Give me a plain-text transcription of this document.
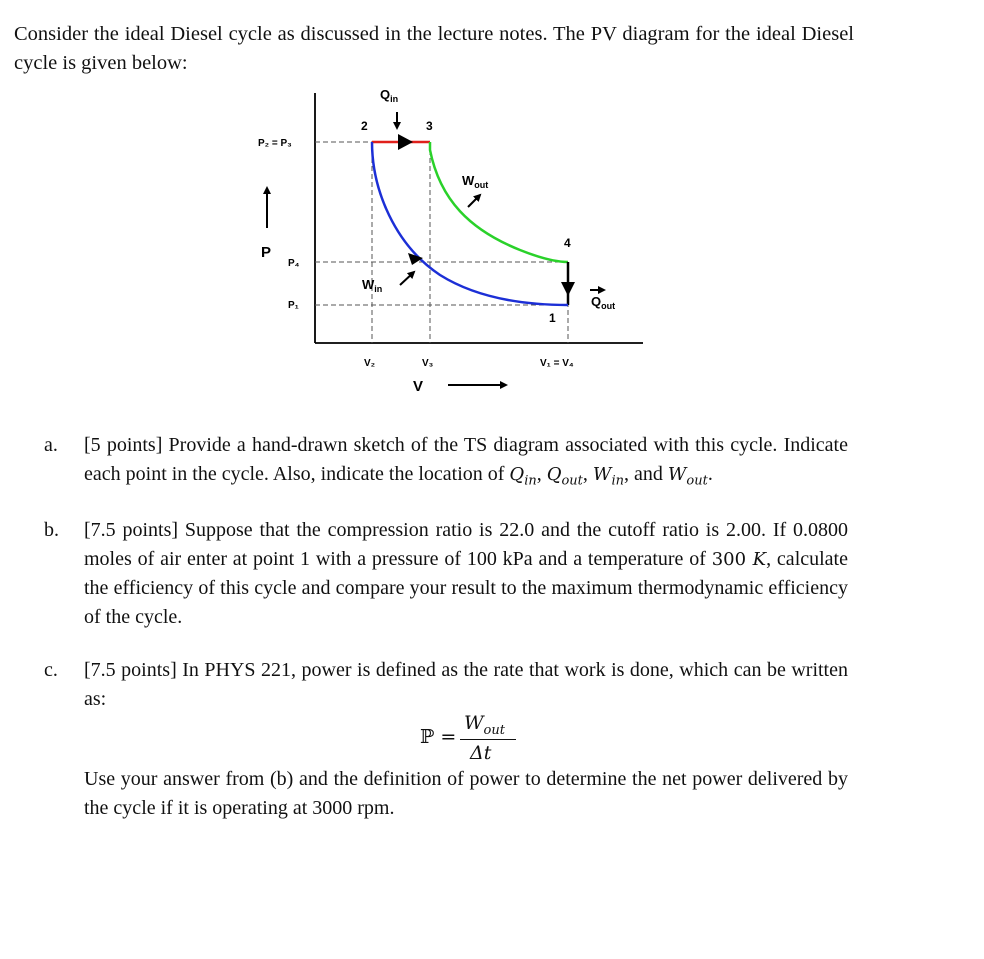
Consider the ideal Diesel cycle as discussed in the lecture notes. The PV diagram for the ideal Diesel cycle is given below:
$Q_{in}$
2	3
$W_{out}$
4
$W_{in}$
$Q_{out}$
1
P₂ = P₃
P₄
P₁
P
V₂	V₃	V₁ = V₄
V
a. [5 points] Provide a hand-drawn sketch of the TS diagram associated with this cycle. Indicate each point in the cycle. Also, indicate the location of $Q_{in}$, $Q_{out}$, $W_{in}$, and $W_{out}$.
b. [7.5 points] Suppose that the compression ratio is 22.0 and the cutoff ratio is 2.00. If 0.0800 moles of air enter at point 1 with a pressure of 100 kPa and a temperature of 300 K, calculate the efficiency of this cycle and compare your result to the maximum thermodynamic efficiency of the cycle.
c. [7.5 points] In PHYS 221, power is defined as the rate that work is done, which can be written as:
ℙ =
$W_{out}$
Δt
Use your answer from (b) and the definition of power to determine the net power delivered by the cycle if it is operating at 3000 rpm.
